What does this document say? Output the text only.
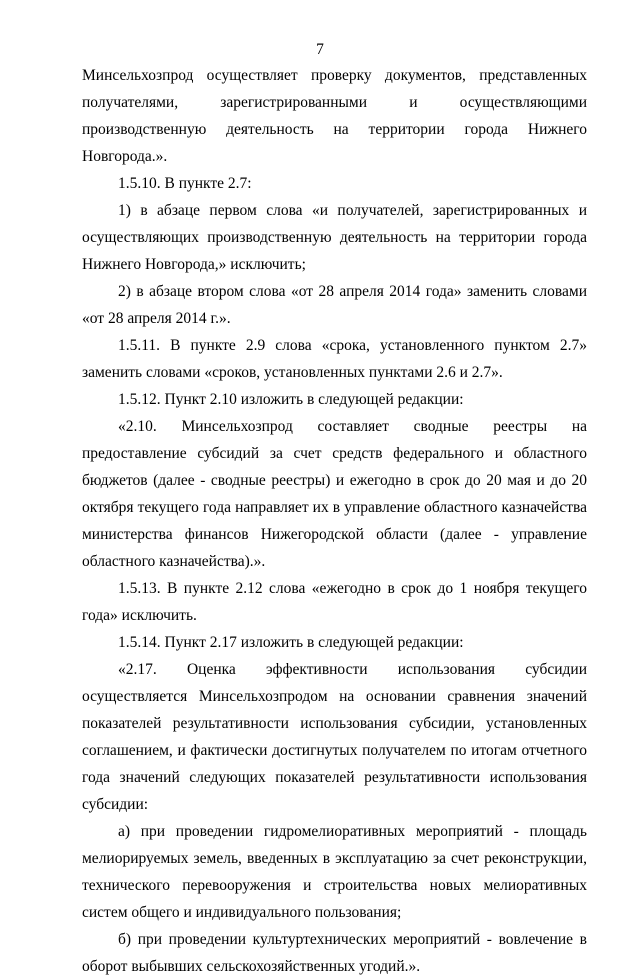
7

Минсельхозпрод осуществляет проверку документов, представленных получателями, зарегистрированными и осуществляющими производственную деятельность на территории города Нижнего Новгорода.».

1.5.10. В пункте 2.7:

1) в абзаце первом слова «и получателей, зарегистрированных и осуществляющих производственную деятельность на территории города Нижнего Новгорода,» исключить;

2) в абзаце втором слова «от 28 апреля 2014 года» заменить словами «от 28 апреля 2014 г.».

1.5.11. В пункте 2.9 слова «срока, установленного пунктом 2.7» заменить словами «сроков, установленных пунктами 2.6 и 2.7».

1.5.12. Пункт 2.10 изложить в следующей редакции:

«2.10. Минсельхозпрод составляет сводные реестры на предоставление субсидий за счет средств федерального и областного бюджетов (далее - сводные реестры) и ежегодно в срок до 20 мая и до 20 октября текущего года направляет их в управление областного казначейства министерства финансов Нижегородской области (далее - управление областного казначейства).».

1.5.13. В пункте 2.12 слова «ежегодно в срок до 1 ноября текущего года» исключить.

1.5.14. Пункт 2.17 изложить в следующей редакции:

«2.17. Оценка эффективности использования субсидии осуществляется Минсельхозпродом на основании сравнения значений показателей результативности использования субсидии, установленных соглашением, и фактически достигнутых получателем по итогам отчетного года значений следующих показателей результативности использования субсидии:

а) при проведении гидромелиоративных мероприятий - площадь мелиорируемых земель, введенных в эксплуатацию за счет реконструкции, технического перевооружения и строительства новых мелиоративных систем общего и индивидуального пользования;

б) при проведении культуртехнических мероприятий - вовлечение в оборот выбывших сельскохозяйственных угодий.».
